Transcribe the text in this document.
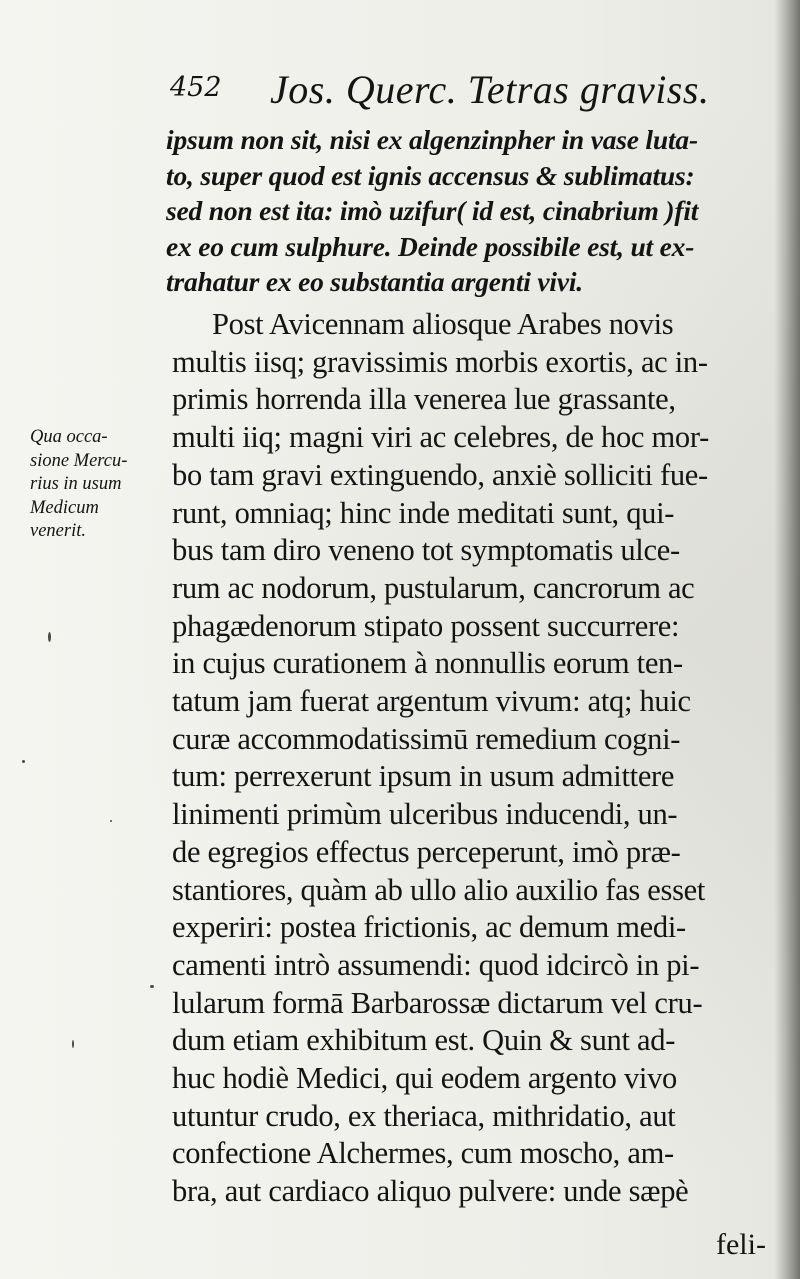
452 Jos. Querc. Tetras graviss.
ipsum non sit, nisi ex algenzinpher in vase luta-
to, super quod est ignis accensus & sublimatus:
sed non est ita: imò uzifur( id est, cinabrium )fit
ex eo cum sulphure. Deinde possibile est, ut ex-
trahatur ex eo substantia argenti vivi.
Qua occa-
sione Mercu-
rius in usum
Medicum
venerit.
Post Avicennam aliosque Arabes novis
multis iisq; gravissimis morbis exortis, ac in-
primis horrenda illa venerea lue grassante,
multi iiq; magni viri ac celebres, de hoc mor-
bo tam gravi extinguendo, anxiè solliciti fue-
runt, omniaq; hinc inde meditati sunt, qui-
bus tam diro veneno tot symptomatis ulce-
rum ac nodorum, pustularum, cancrorum ac
phagædenorum stipato possent succurrere:
in cujus curationem à nonnullis eorum ten-
tatum jam fuerat argentum vivum: atq; huic
curæ accommodatissimū remedium cogni-
tum: perrexerunt ipsum in usum admittere
linimenti primùm ulceribus inducendi, un-
de egregios effectus perceperunt, imò præ-
stantiores, quàm ab ullo alio auxilio fas esset
experiri: postea frictionis, ac demum medi-
camenti intrò assumendi: quod idcircò in pi-
lularum formā Barbarossæ dictarum vel cru-
dum etiam exhibitum est. Quin & sunt ad-
huc hodiè Medici, qui eodem argento vivo
utuntur crudo, ex theriaca, mithridatio, aut
confectione Alchermes, cum moscho, am-
bra, aut cardiaco aliquo pulvere: unde sæpè
feli-
